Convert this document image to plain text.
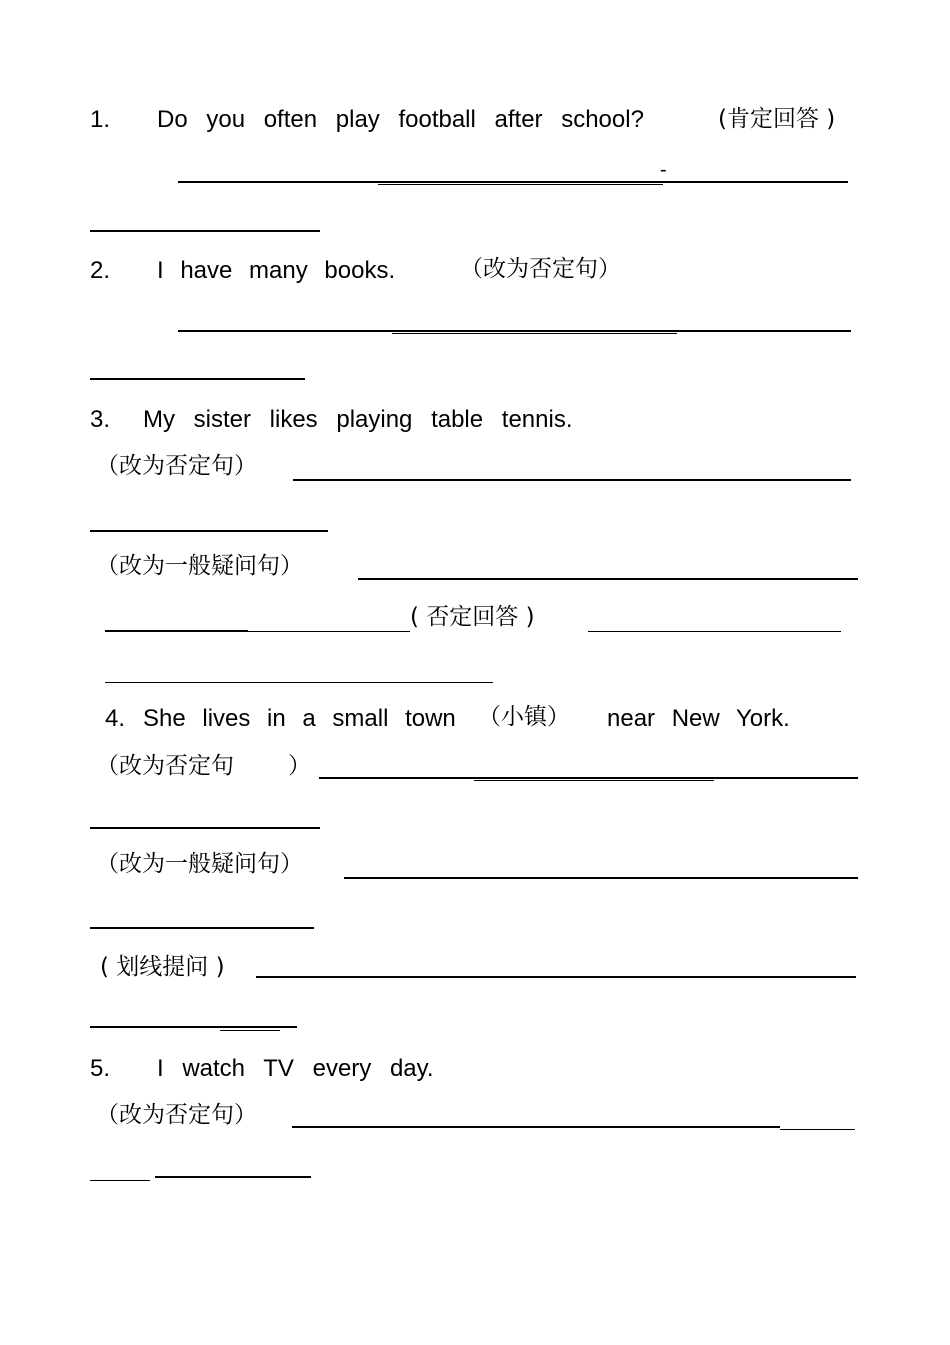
1. Do you often play football after school?	(肯定回答 )
-
2. I have many books.	（改为否定句）
3. My sister likes playing table tennis.
（改为否定句）
（改为一般疑问句）
( 否定回答 )
4. She lives in a small town （小镇） near New York.
（改为否定句 ）
（改为一般疑问句）
( 划线提问 )
5. I watch TV every day.
（改为否定句）
